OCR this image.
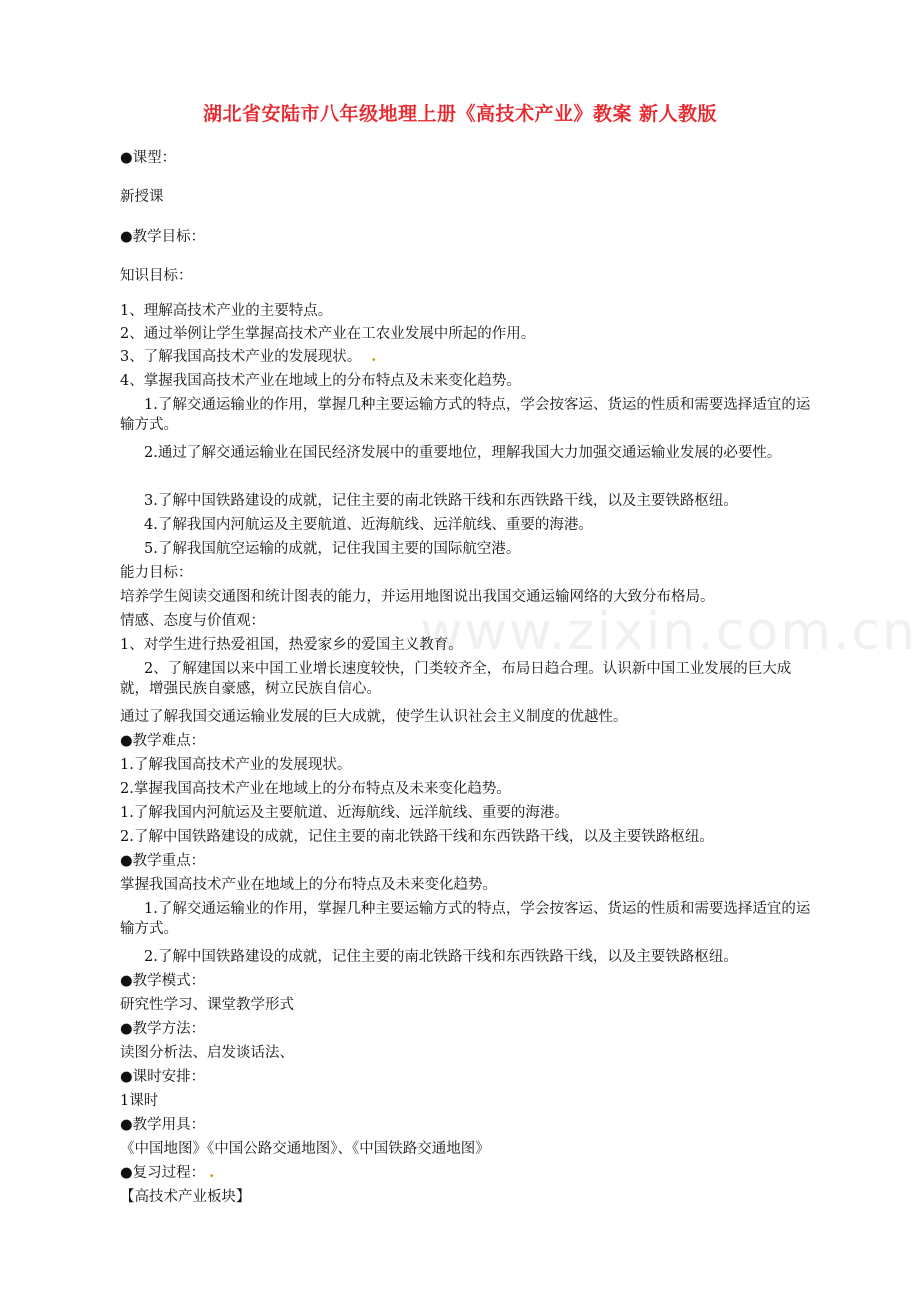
湖北省安陆市八年级地理上册《高技术产业》教案 新人教版
●课型：
新授课
●教学目标：
知识目标：
1、理解高技术产业的主要特点。
2、通过举例让学生掌握高技术产业在工农业发展中所起的作用。
3、了解我国高技术产业的发展现状。 .
4、掌握我国高技术产业在地域上的分布特点及未来变化趋势。
1.了解交通运输业的作用，掌握几种主要运输方式的特点，学会按客运、货运的性质和需要选择适宜的运输方式。
2.通过了解交通运输业在国民经济发展中的重要地位，理解我国大力加强交通运输业发展的必要性。
3.了解中国铁路建设的成就，记住主要的南北铁路干线和东西铁路干线，以及主要铁路枢纽。
4.了解我国内河航运及主要航道、近海航线、远洋航线、重要的海港。
5.了解我国航空运输的成就，记住我国主要的国际航空港。
能力目标：
培养学生阅读交通图和统计图表的能力，并运用地图说出我国交通运输网络的大致分布格局。
情感、态度与价值观：
1、对学生进行热爱祖国，热爱家乡的爱国主义教育。
2、了解建国以来中国工业增长速度较快，门类较齐全，布局日趋合理。认识新中国工业发展的巨大成就，增强民族自豪感，树立民族自信心。
通过了解我国交通运输业发展的巨大成就，使学生认识社会主义制度的优越性。
●教学难点：
1.了解我国高技术产业的发展现状。
2.掌握我国高技术产业在地域上的分布特点及未来变化趋势。
1.了解我国内河航运及主要航道、近海航线、远洋航线、重要的海港。
2.了解中国铁路建设的成就，记住主要的南北铁路干线和东西铁路干线，以及主要铁路枢纽。
●教学重点：
掌握我国高技术产业在地域上的分布特点及未来变化趋势。
1.了解交通运输业的作用，掌握几种主要运输方式的特点，学会按客运、货运的性质和需要选择适宜的运输方式。
2.了解中国铁路建设的成就，记住主要的南北铁路干线和东西铁路干线，以及主要铁路枢纽。
●教学模式：
研究性学习、课堂教学形式
●教学方法：
读图分析法、启发谈话法、
●课时安排：
1课时
●教学用具：
《中国地图》《中国公路交通地图》、《中国铁路交通地图》
●复习过程： .
【高技术产业板块】
www.zixin.com.cn
